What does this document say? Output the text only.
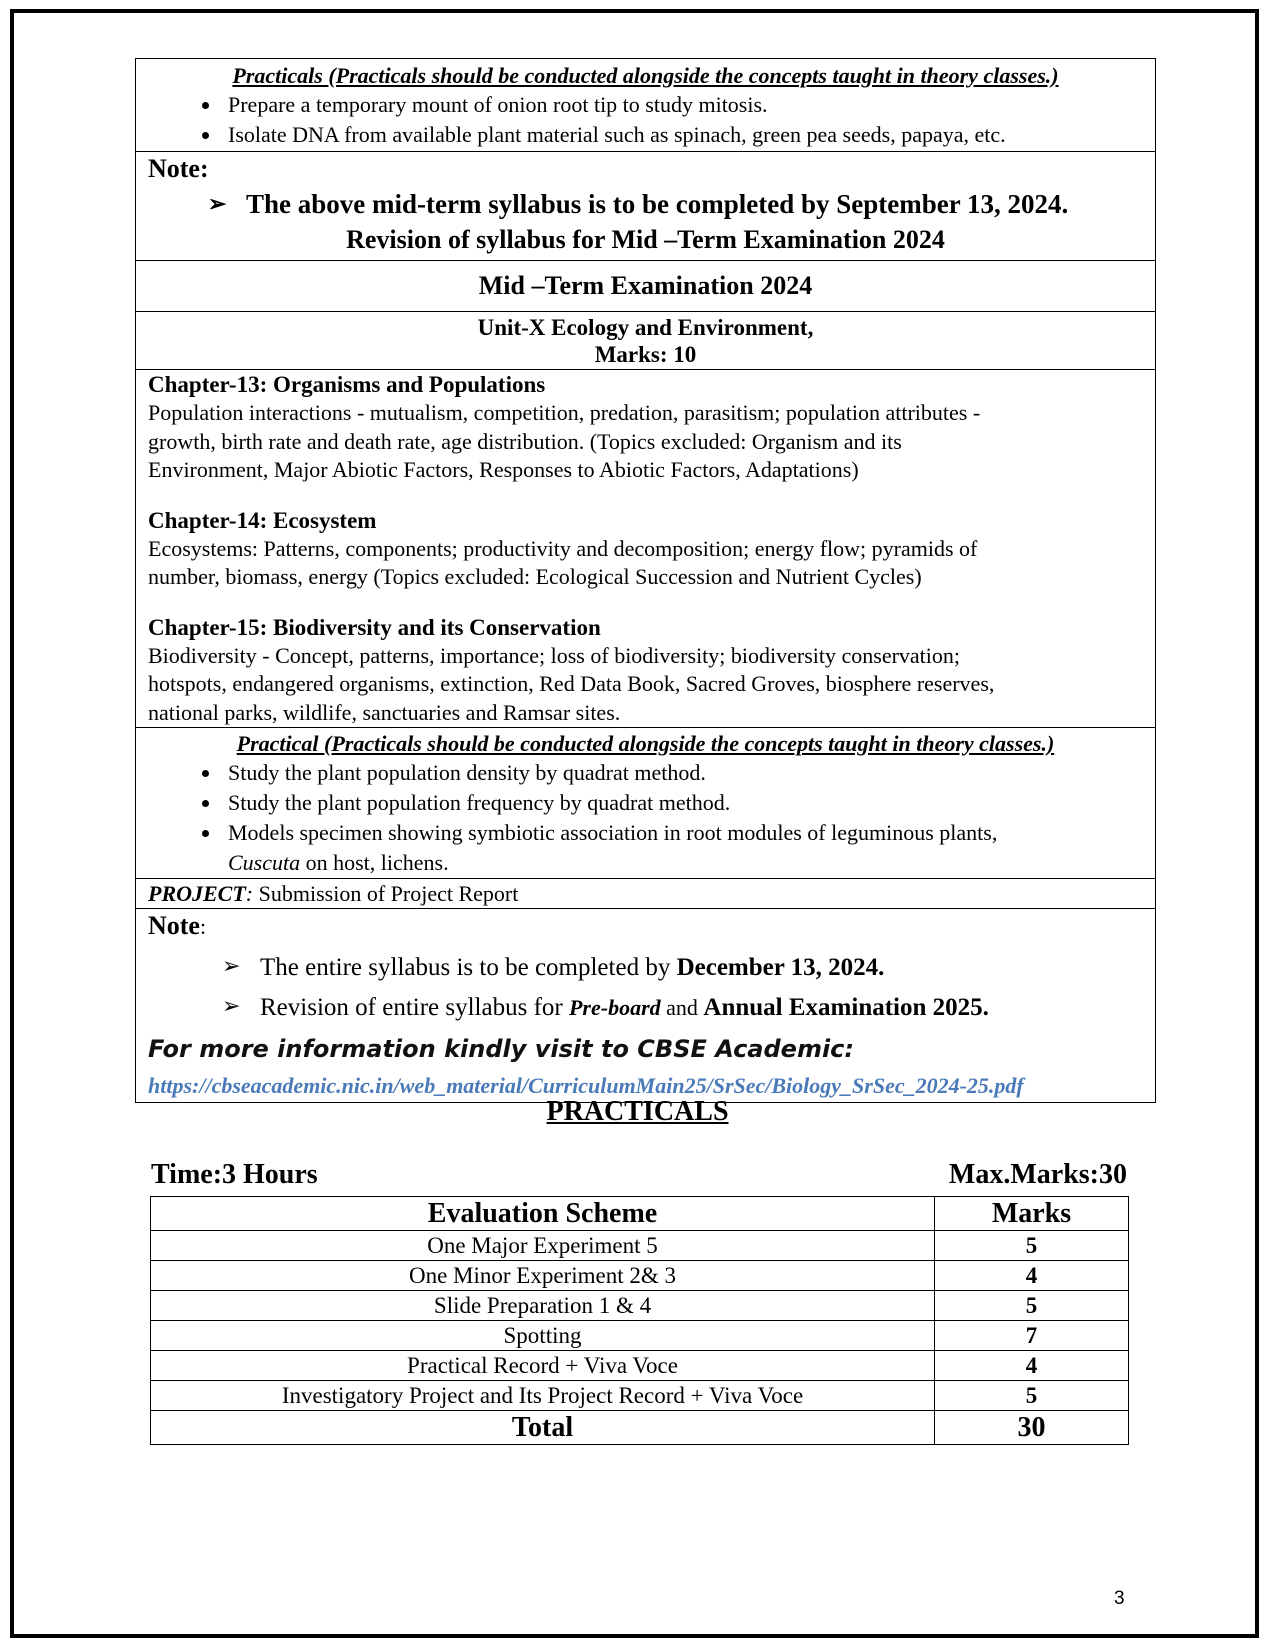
Practicals (Practicals should be conducted alongside the concepts taught in theory classes.)
• Prepare a temporary mount of onion root tip to study mitosis.
• Isolate DNA from available plant material such as spinach, green pea seeds, papaya, etc.

Note:
➢ The above mid-term syllabus is to be completed by September 13, 2024.
Revision of syllabus for Mid –Term Examination 2024

Mid –Term Examination 2024

Unit-X Ecology and Environment,
Marks: 10

Chapter-13: Organisms and Populations
Population interactions - mutualism, competition, predation, parasitism; population attributes -
growth, birth rate and death rate, age distribution. (Topics excluded: Organism and its
Environment, Major Abiotic Factors, Responses to Abiotic Factors, Adaptations)
Chapter-14: Ecosystem
Ecosystems: Patterns, components; productivity and decomposition; energy flow; pyramids of
number, biomass, energy (Topics excluded: Ecological Succession and Nutrient Cycles)
Chapter-15: Biodiversity and its Conservation
Biodiversity - Concept, patterns, importance; loss of biodiversity; biodiversity conservation;
hotspots, endangered organisms, extinction, Red Data Book, Sacred Groves, biosphere reserves,
national parks, wildlife, sanctuaries and Ramsar sites.

Practical (Practicals should be conducted alongside the concepts taught in theory classes.)
• Study the plant population density by quadrat method.
• Study the plant population frequency by quadrat method.
• Models specimen showing symbiotic association in root modules of leguminous plants,
Cuscuta on host, lichens.

PROJECT: Submission of Project Report

Note:
➢ The entire syllabus is to be completed by December 13, 2024.
➢ Revision of entire syllabus for Pre-board and Annual Examination 2025.
For more information kindly visit to CBSE Academic:
https://cbseacademic.nic.in/web_material/CurriculumMain25/SrSec/Biology_SrSec_2024-25.pdf
PRACTICALS
Time:3 Hours	Max.Marks:30
Evaluation Scheme	Marks
One Major Experiment 5	5
One Minor Experiment 2& 3	4
Slide Preparation 1 & 4	5
Spotting	7
Practical Record + Viva Voce	4
Investigatory Project and Its Project Record + Viva Voce	5
Total	30
3
